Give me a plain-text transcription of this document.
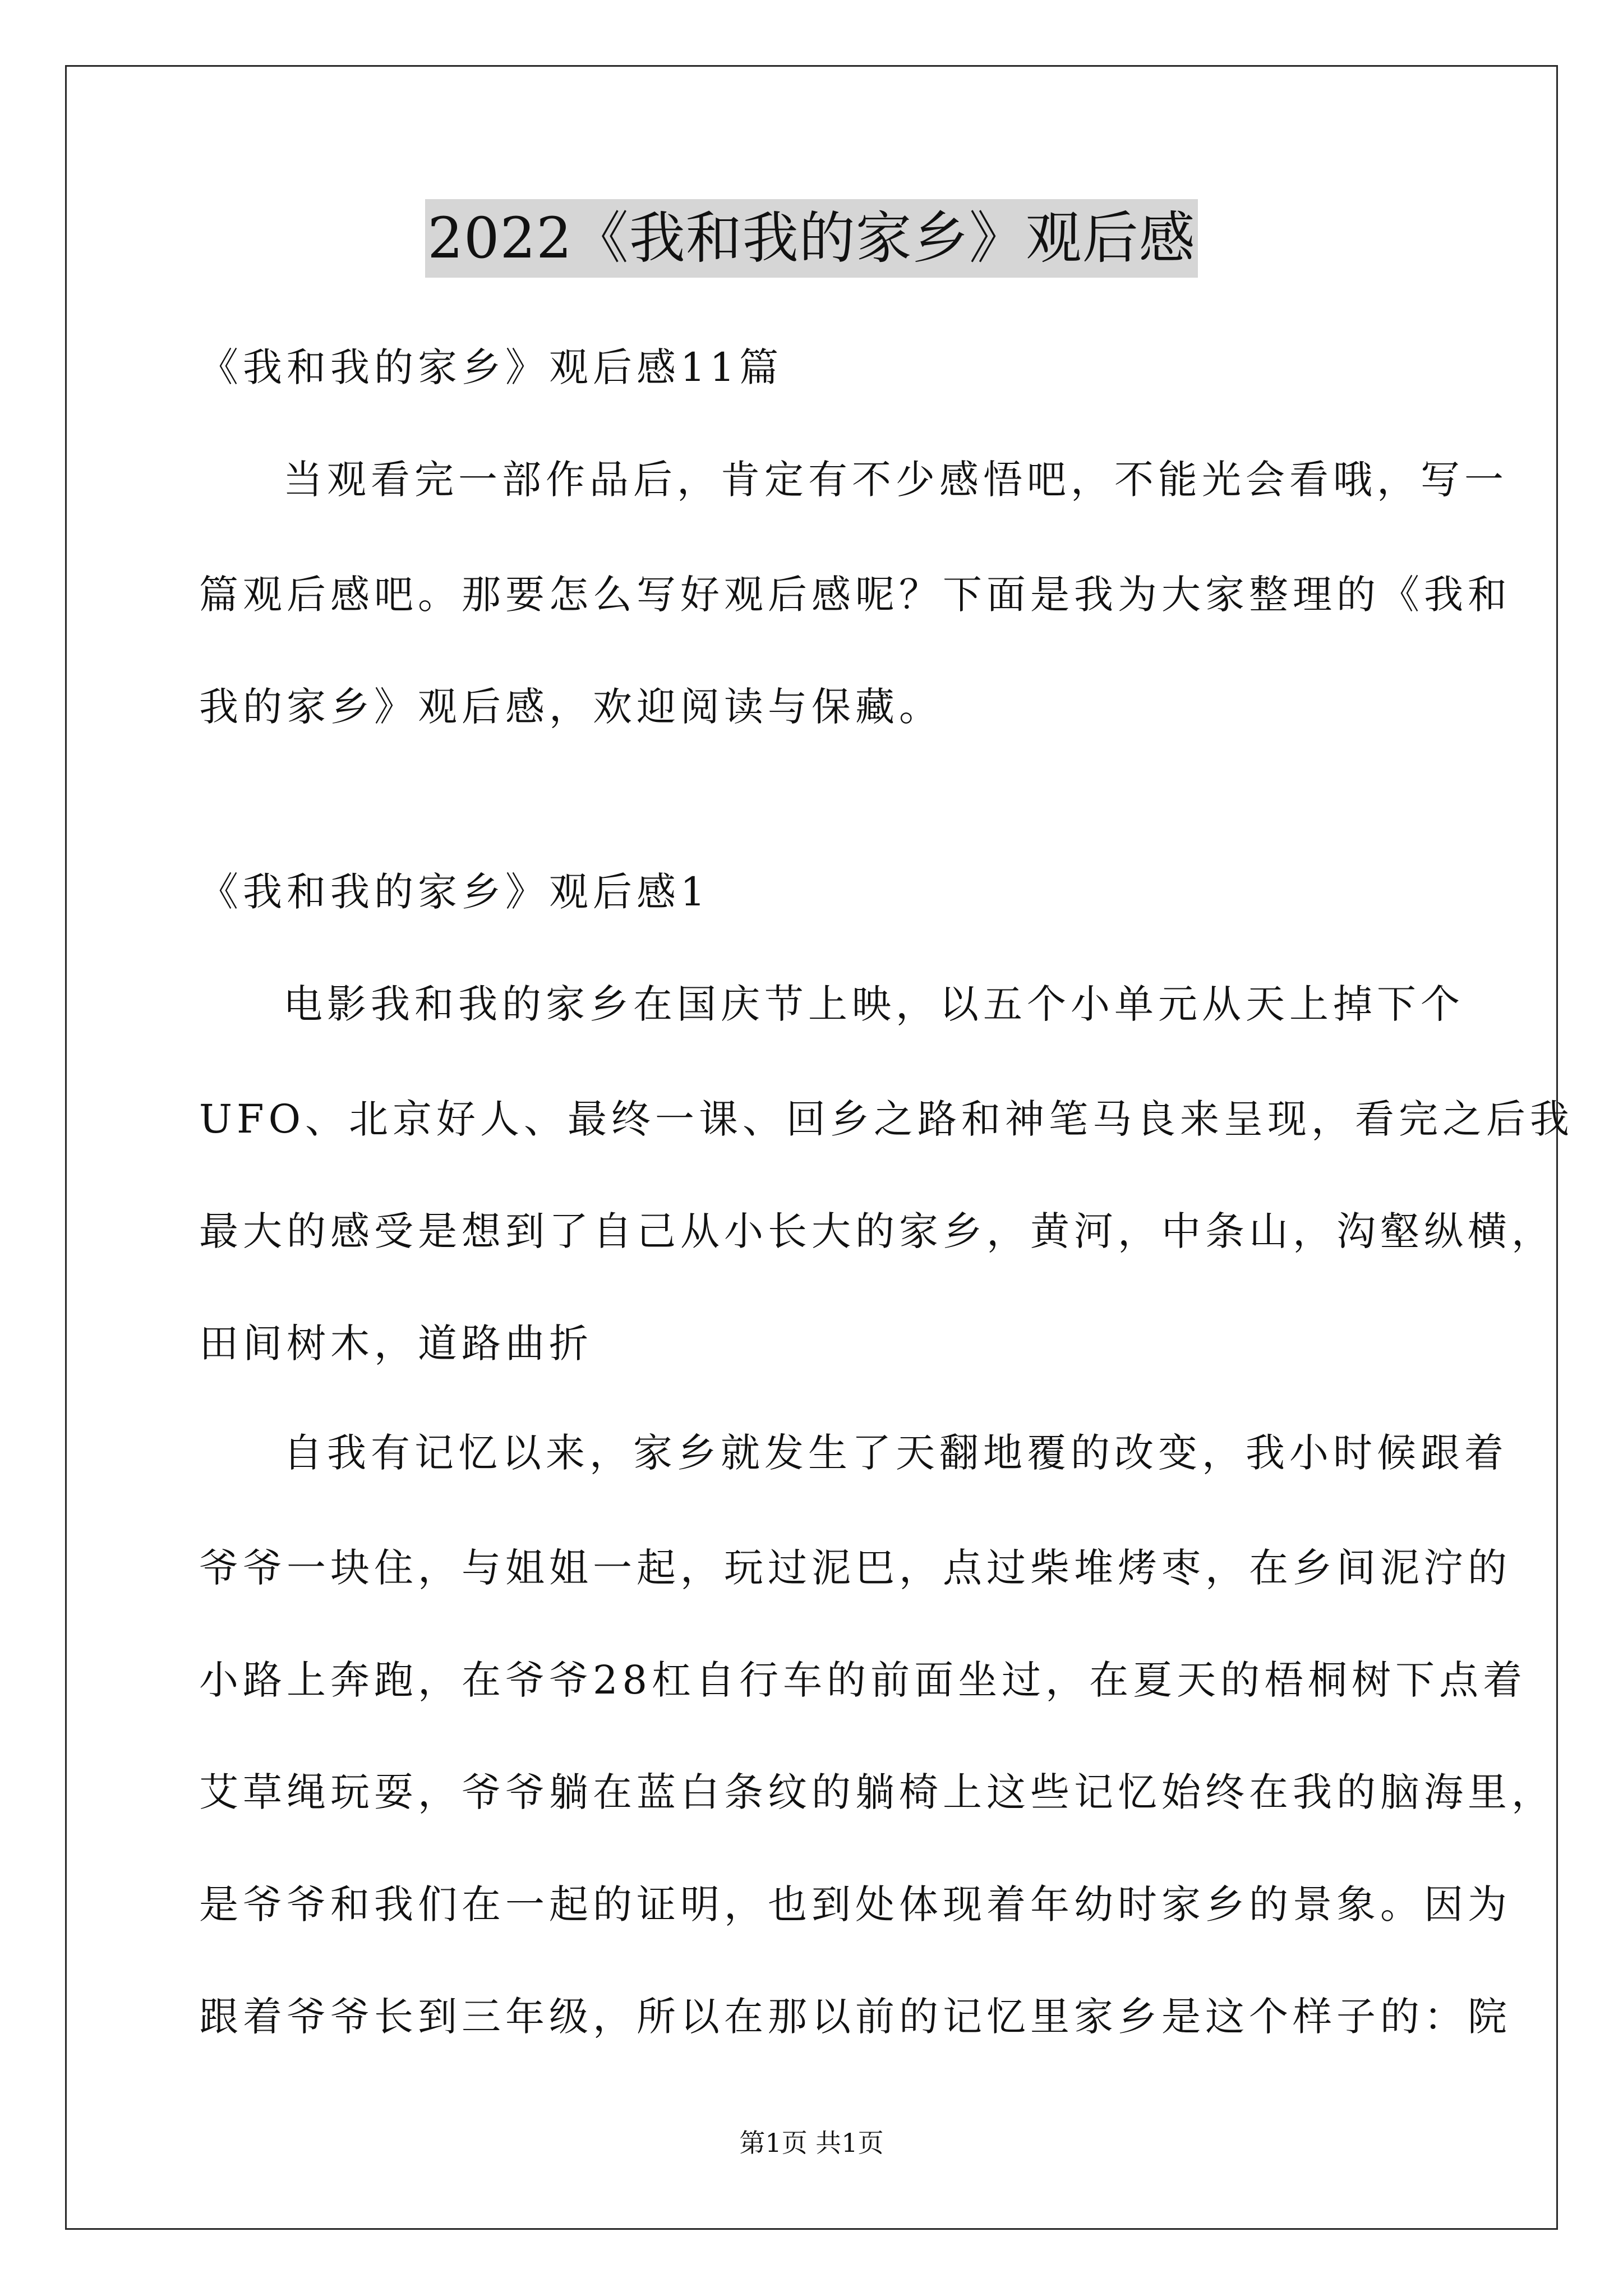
2022《我和我的家乡》观后感
《我和我的家乡》观后感11篇
当观看完一部作品后，肯定有不少感悟吧，不能光会看哦，写一
篇观后感吧。那要怎么写好观后感呢？下面是我为大家整理的《我和
我的家乡》观后感，欢迎阅读与保藏。
《我和我的家乡》观后感1
电影我和我的家乡在国庆节上映，以五个小单元从天上掉下个
UFO、北京好人、最终一课、回乡之路和神笔马良来呈现，看完之后我
最大的感受是想到了自己从小长大的家乡，黄河，中条山，沟壑纵横，
田间树木，道路曲折
自我有记忆以来，家乡就发生了天翻地覆的改变，我小时候跟着
爷爷一块住，与姐姐一起，玩过泥巴，点过柴堆烤枣，在乡间泥泞的
小路上奔跑，在爷爷28杠自行车的前面坐过，在夏天的梧桐树下点着
艾草绳玩耍，爷爷躺在蓝白条纹的躺椅上这些记忆始终在我的脑海里，
是爷爷和我们在一起的证明，也到处体现着年幼时家乡的景象。因为
跟着爷爷长到三年级，所以在那以前的记忆里家乡是这个样子的：院
第1页 共1页
